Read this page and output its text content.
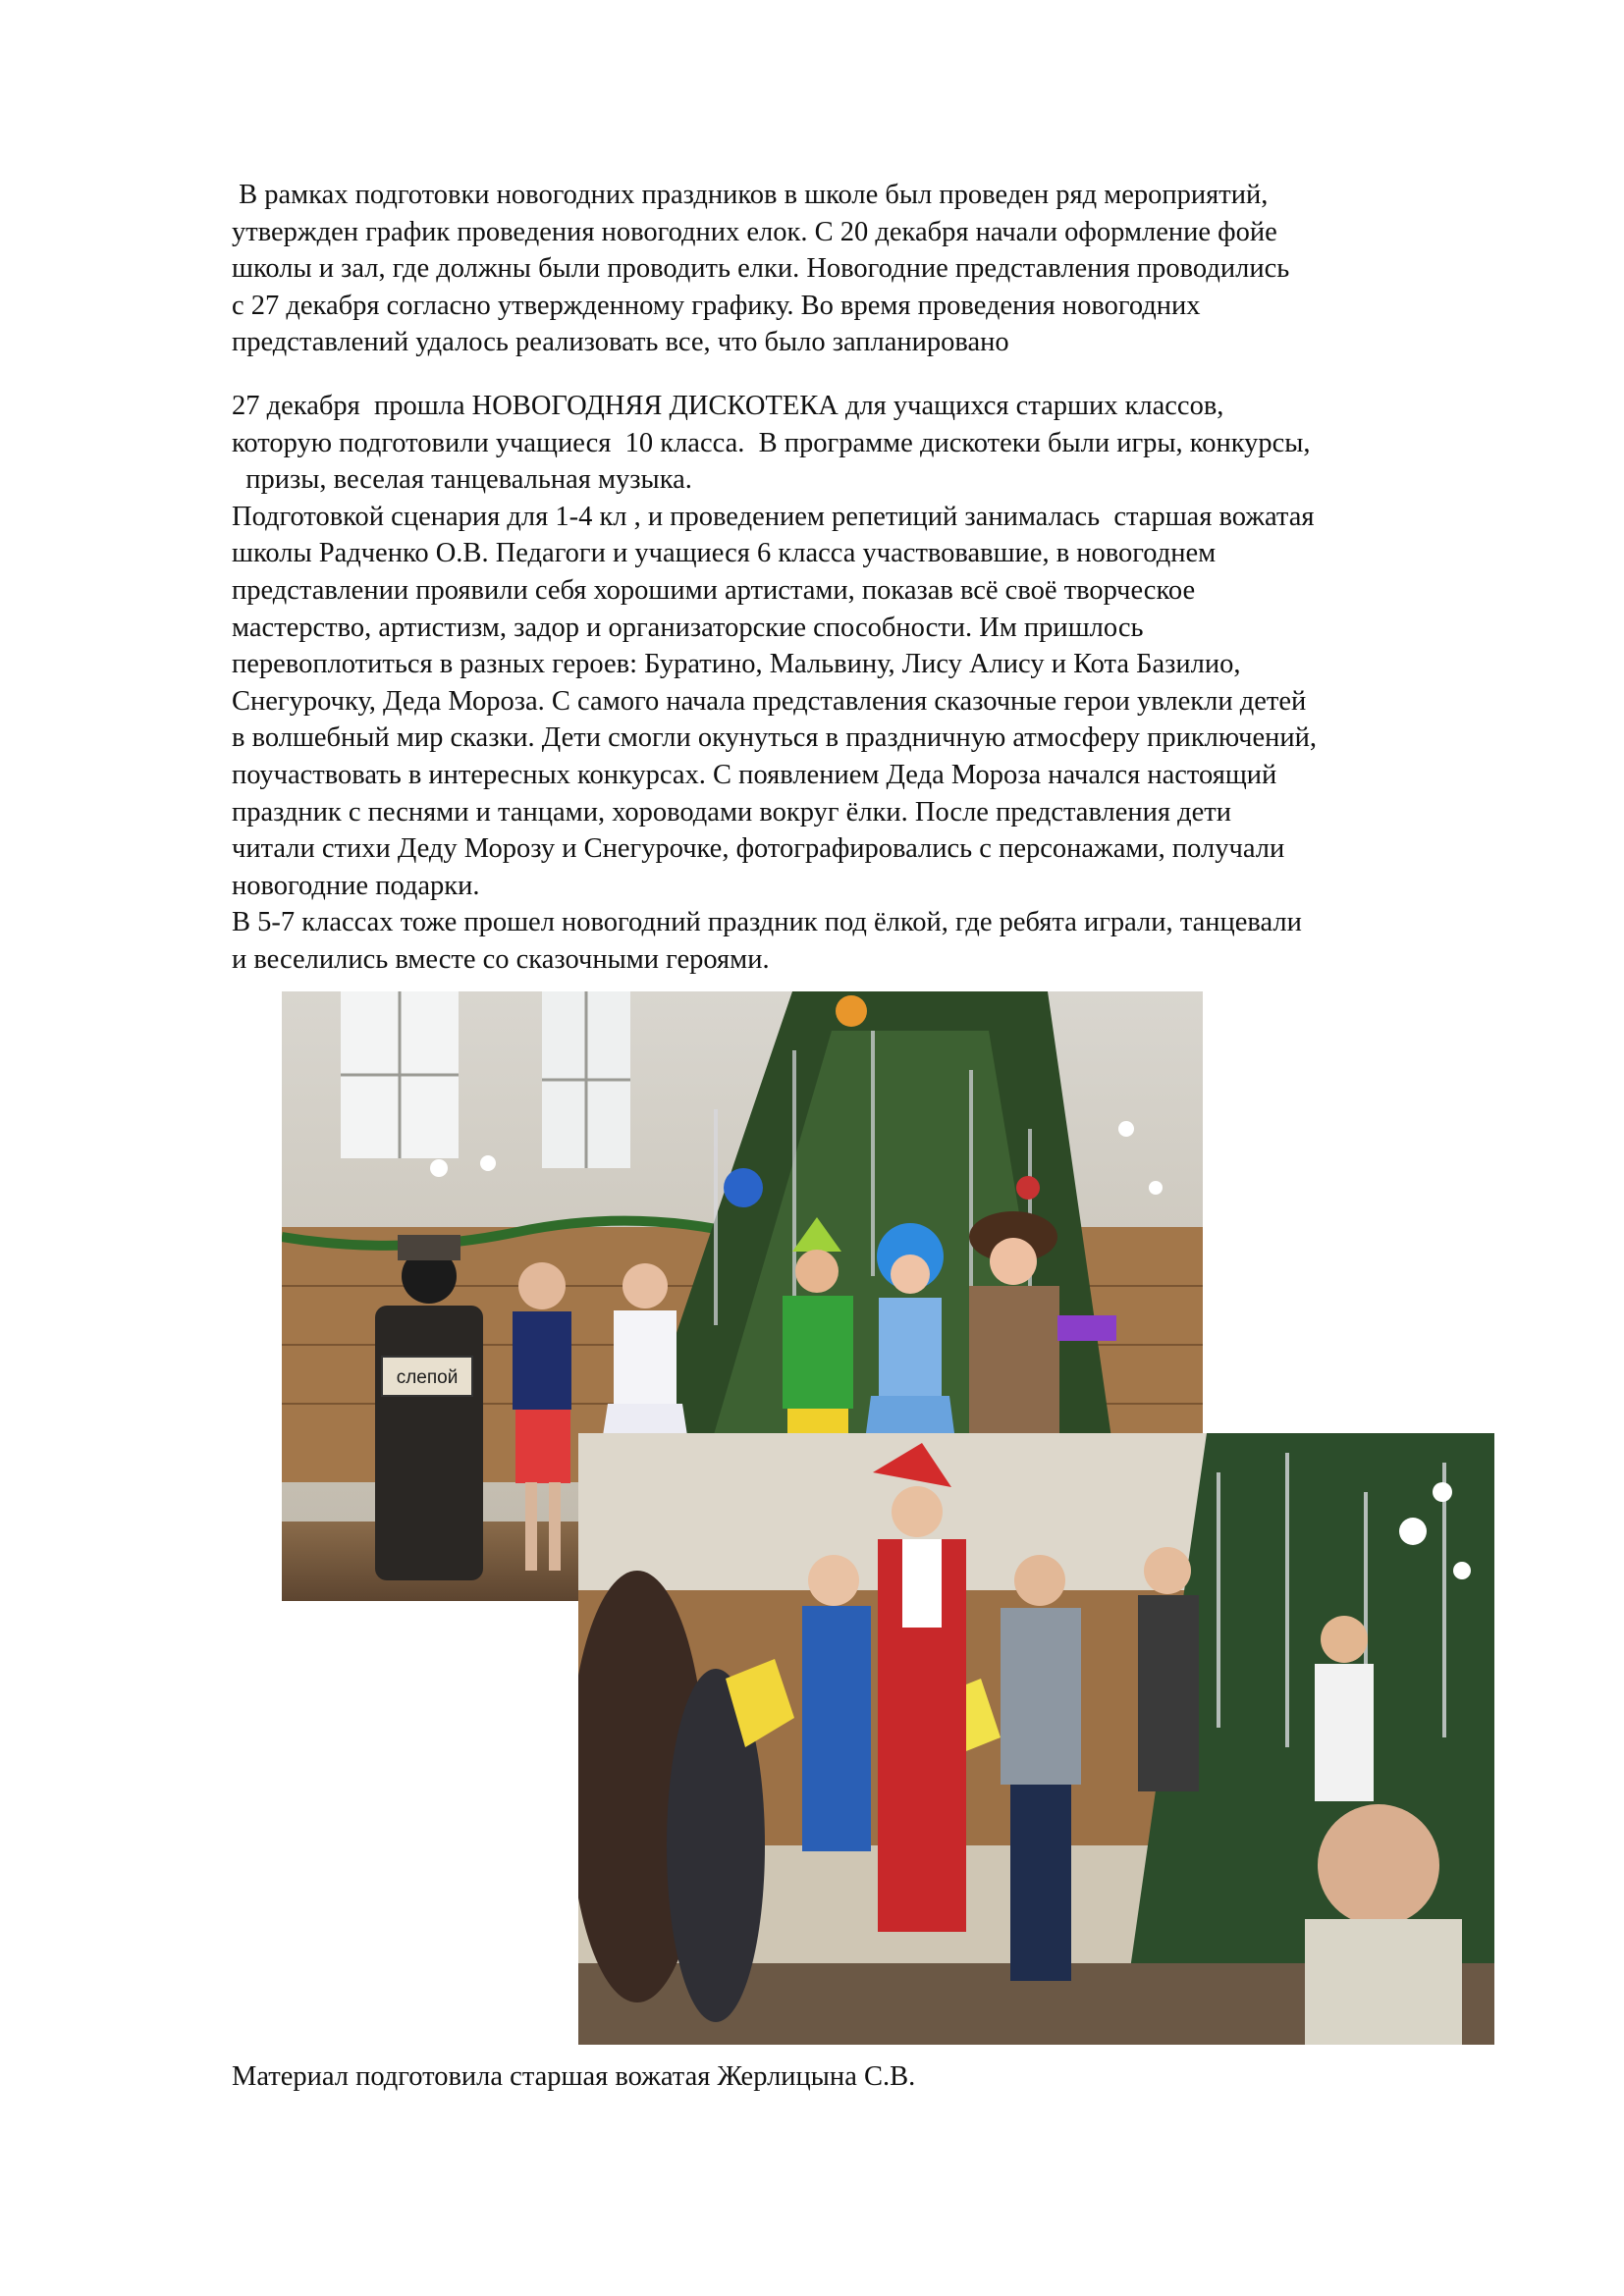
В рамках подготовки новогодних праздников в школе был проведен ряд мероприятий,
утвержден график проведения новогодних елок. С 20 декабря начали оформление фойе
школы и зал, где должны были проводить елки. Новогодние представления проводились
с 27 декабря согласно утвержденному графику. Во время проведения новогодних
представлений удалось реализовать все, что было запланировано
27 декабря  прошла НОВОГОДНЯЯ ДИСКОТЕКА для учащихся старших классов,
которую подготовили учащиеся  10 класса.  В программе дискотеки были игры, конкурсы,
призы, веселая танцевальная музыка.
Подготовкой сценария для 1-4 кл , и проведением репетиций занималась  старшая вожатая
школы Радченко О.В. Педагоги и учащиеся 6 класса участвовавшие, в новогоднем
представлении проявили себя хорошими артистами, показав всё своё творческое
мастерство, артистизм, задор и организаторские способности. Им пришлось
перевоплотиться в разных героев: Буратино, Мальвину, Лису Алису и Кота Базилио,
Снегурочку, Деда Мороза. С самого начала представления сказочные герои увлекли детей
в волшебный мир сказки. Дети смогли окунуться в праздничную атмосферу приключений,
поучаствовать в интересных конкурсах. С появлением Деда Мороза начался настоящий
праздник с песнями и танцами, хороводами вокруг ёлки. После представления дети
читали стихи Деду Морозу и Снегурочке, фотографировались с персонажами, получали
новогодние подарки.
В 5-7 классах тоже прошел новогодний праздник под ёлкой, где ребята играли, танцевали
и веселились вместе со сказочными героями.
слепой
Материал подготовила старшая вожатая Жерлицына С.В.
